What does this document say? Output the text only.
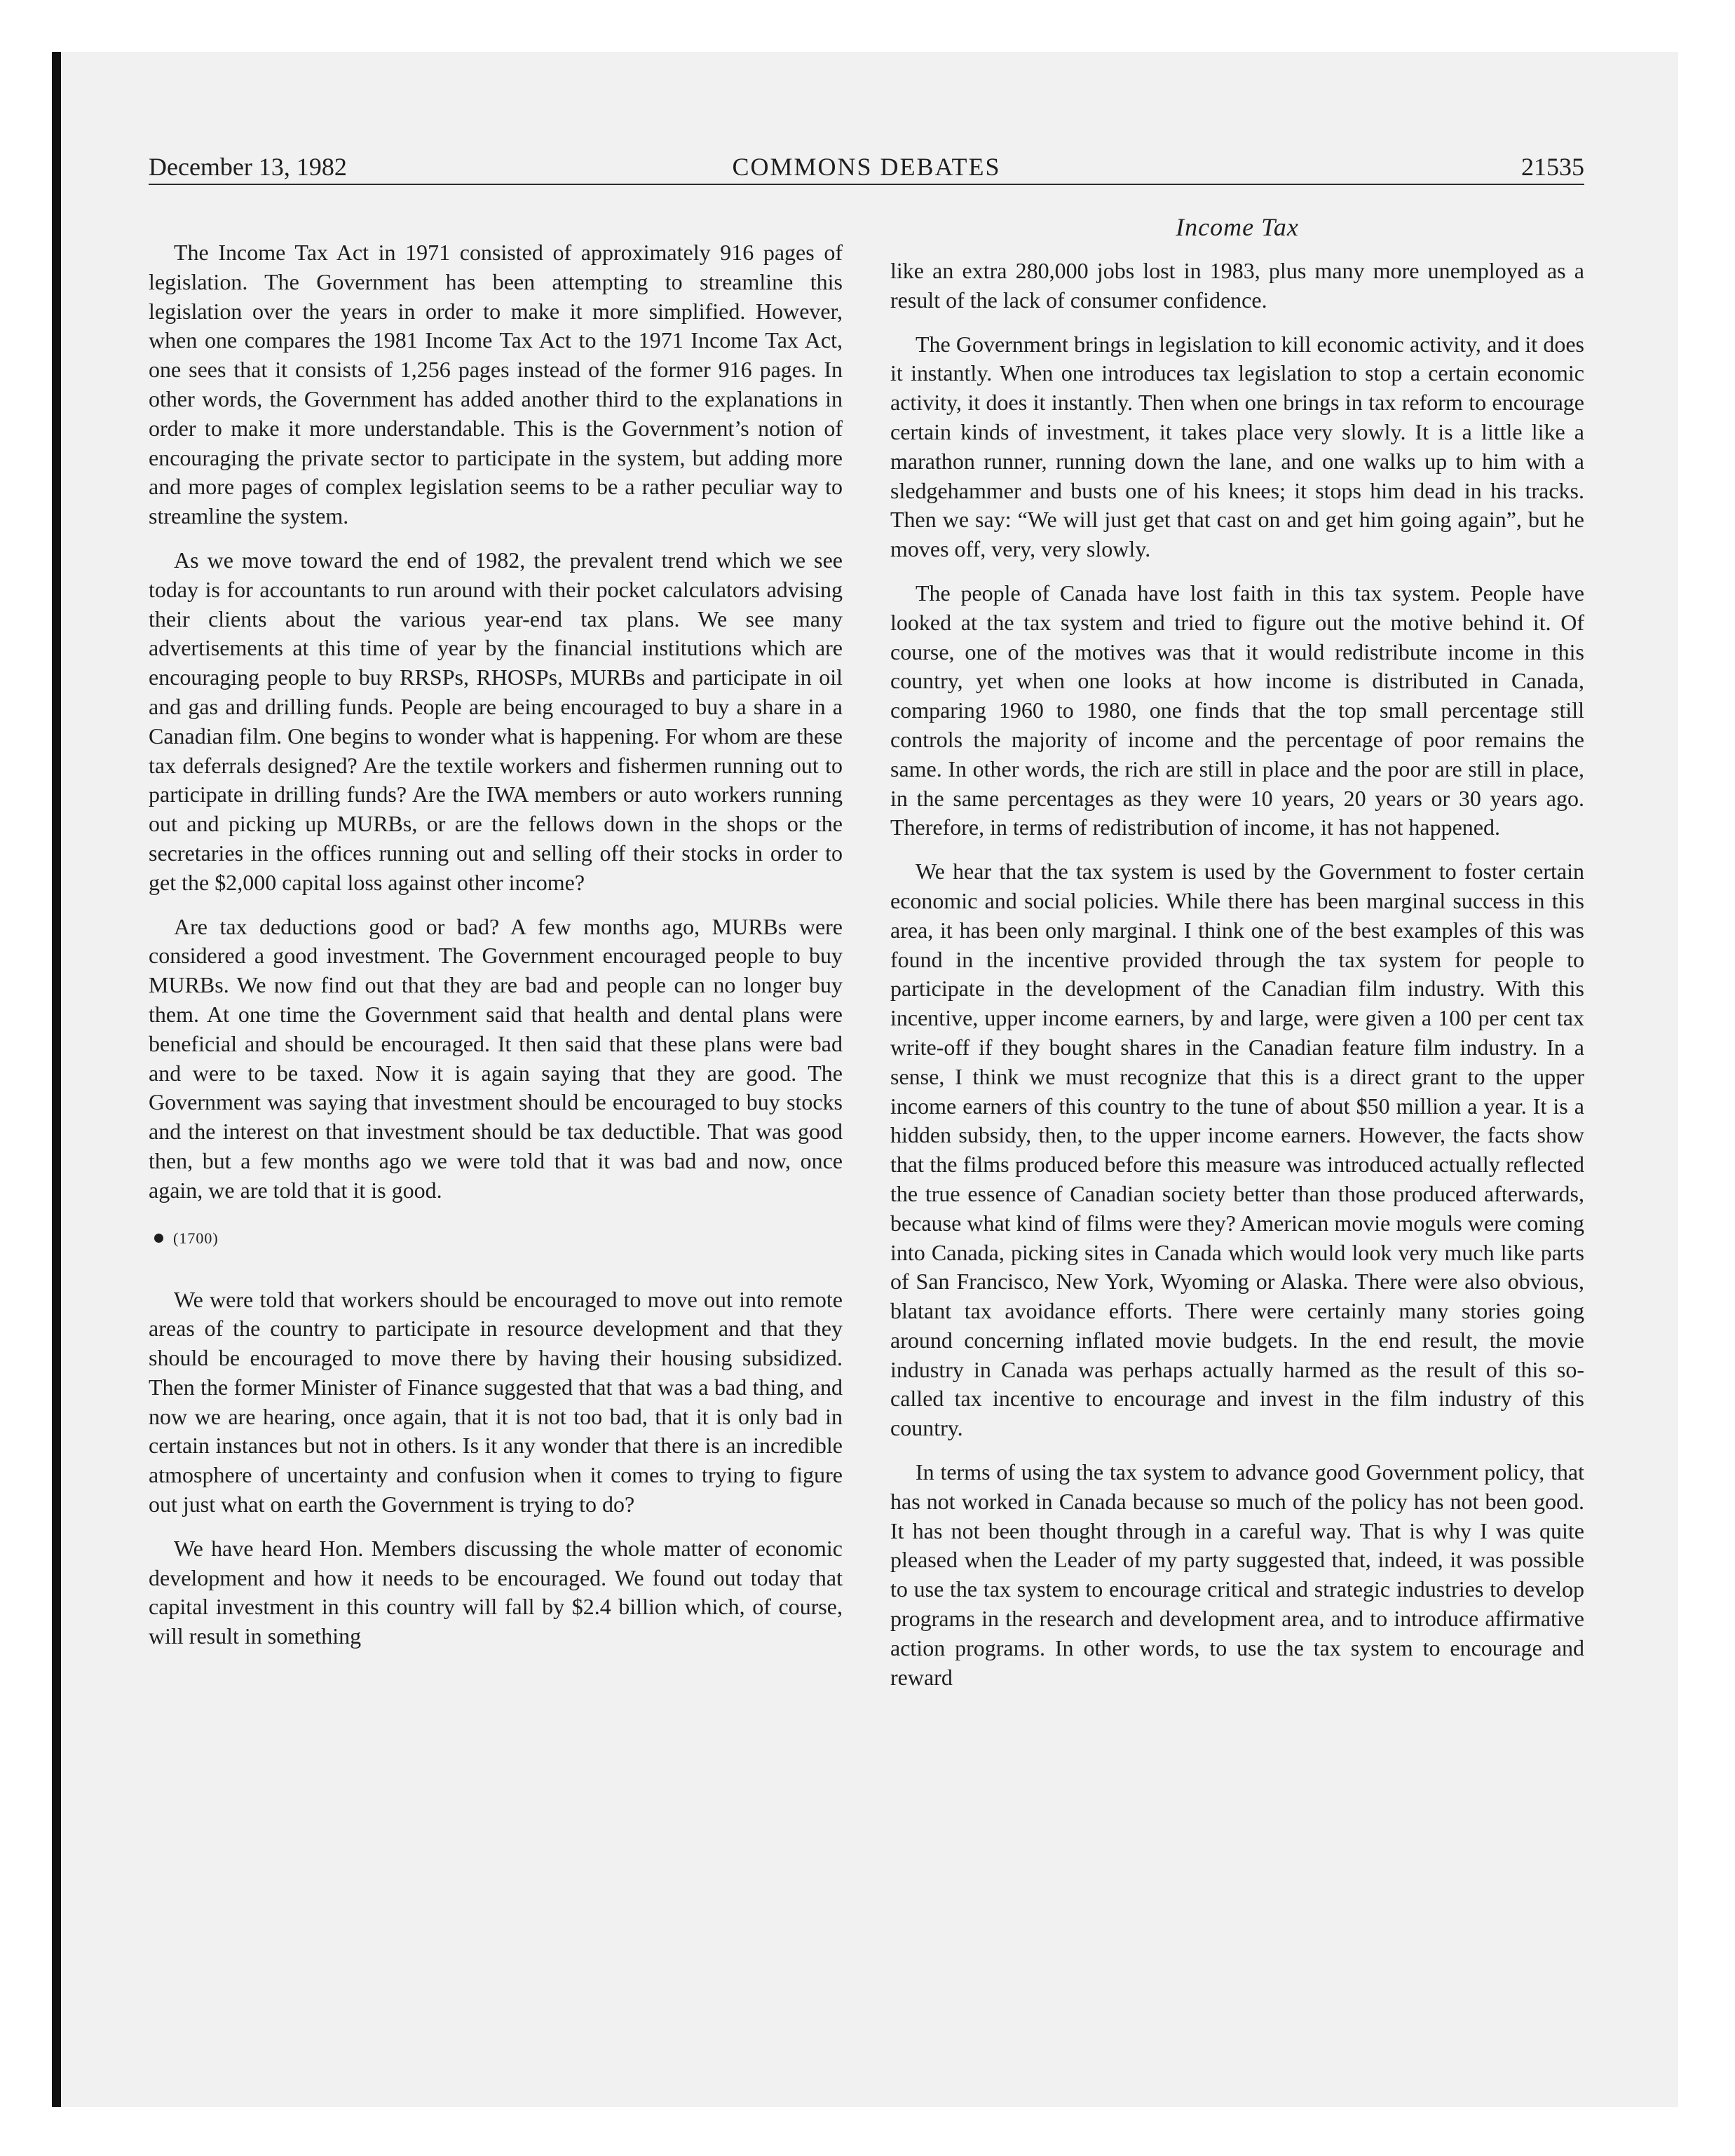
December 13, 1982	COMMONS DEBATES	21535

The Income Tax Act in 1971 consisted of approximately 916 pages of legislation. The Government has been attempting to streamline this legislation over the years in order to make it more simplified. However, when one compares the 1981 Income Tax Act to the 1971 Income Tax Act, one sees that it consists of 1,256 pages instead of the former 916 pages. In other words, the Government has added another third to the explanations in order to make it more understandable. This is the Government’s notion of encouraging the private sector to participate in the system, but adding more and more pages of complex legislation seems to be a rather peculiar way to streamline the system.

As we move toward the end of 1982, the prevalent trend which we see today is for accountants to run around with their pocket calculators advising their clients about the various year-end tax plans. We see many advertisements at this time of year by the financial institutions which are encouraging people to buy RRSPs, RHOSPs, MURBs and participate in oil and gas and drilling funds. People are being encouraged to buy a share in a Canadian film. One begins to wonder what is happening. For whom are these tax deferrals designed? Are the textile workers and fishermen running out to participate in drilling funds? Are the IWA members or auto workers running out and picking up MURBs, or are the fellows down in the shops or the secretaries in the offices running out and selling off their stocks in order to get the $2,000 capital loss against other income?

Are tax deductions good or bad? A few months ago, MURBs were considered a good investment. The Government encouraged people to buy MURBs. We now find out that they are bad and people can no longer buy them. At one time the Government said that health and dental plans were beneficial and should be encouraged. It then said that these plans were bad and were to be taxed. Now it is again saying that they are good. The Government was saying that investment should be encouraged to buy stocks and the interest on that investment should be tax deductible. That was good then, but a few months ago we were told that it was bad and now, once again, we are told that it is good.

(1700)

We were told that workers should be encouraged to move out into remote areas of the country to participate in resource development and that they should be encouraged to move there by having their housing subsidized. Then the former Minister of Finance suggested that that was a bad thing, and now we are hearing, once again, that it is not too bad, that it is only bad in certain instances but not in others. Is it any wonder that there is an incredible atmosphere of uncertainty and confusion when it comes to trying to figure out just what on earth the Government is trying to do?

We have heard Hon. Members discussing the whole matter of economic development and how it needs to be encouraged. We found out today that capital investment in this country will fall by $2.4 billion which, of course, will result in something

Income Tax

like an extra 280,000 jobs lost in 1983, plus many more unemployed as a result of the lack of consumer confidence.

The Government brings in legislation to kill economic activity, and it does it instantly. When one introduces tax legislation to stop a certain economic activity, it does it instantly. Then when one brings in tax reform to encourage certain kinds of investment, it takes place very slowly. It is a little like a marathon runner, running down the lane, and one walks up to him with a sledgehammer and busts one of his knees; it stops him dead in his tracks. Then we say: “We will just get that cast on and get him going again”, but he moves off, very, very slowly.

The people of Canada have lost faith in this tax system. People have looked at the tax system and tried to figure out the motive behind it. Of course, one of the motives was that it would redistribute income in this country, yet when one looks at how income is distributed in Canada, comparing 1960 to 1980, one finds that the top small percentage still controls the majority of income and the percentage of poor remains the same. In other words, the rich are still in place and the poor are still in place, in the same percentages as they were 10 years, 20 years or 30 years ago. Therefore, in terms of redistribution of income, it has not happened.

We hear that the tax system is used by the Government to foster certain economic and social policies. While there has been marginal success in this area, it has been only marginal. I think one of the best examples of this was found in the incentive provided through the tax system for people to participate in the development of the Canadian film industry. With this incentive, upper income earners, by and large, were given a 100 per cent tax write-off if they bought shares in the Canadian feature film industry. In a sense, I think we must recognize that this is a direct grant to the upper income earners of this country to the tune of about $50 million a year. It is a hidden subsidy, then, to the upper income earners. However, the facts show that the films produced before this measure was introduced actually reflected the true essence of Canadian society better than those produced afterwards, because what kind of films were they? American movie moguls were coming into Canada, picking sites in Canada which would look very much like parts of San Francisco, New York, Wyoming or Alaska. There were also obvious, blatant tax avoidance efforts. There were certainly many stories going around concerning inflated movie budgets. In the end result, the movie industry in Canada was perhaps actually harmed as the result of this so-called tax incentive to encourage and invest in the film industry of this country.

In terms of using the tax system to advance good Government policy, that has not worked in Canada because so much of the policy has not been good. It has not been thought through in a careful way. That is why I was quite pleased when the Leader of my party suggested that, indeed, it was possible to use the tax system to encourage critical and strategic industries to develop programs in the research and development area, and to introduce affirmative action programs. In other words, to use the tax system to encourage and reward
